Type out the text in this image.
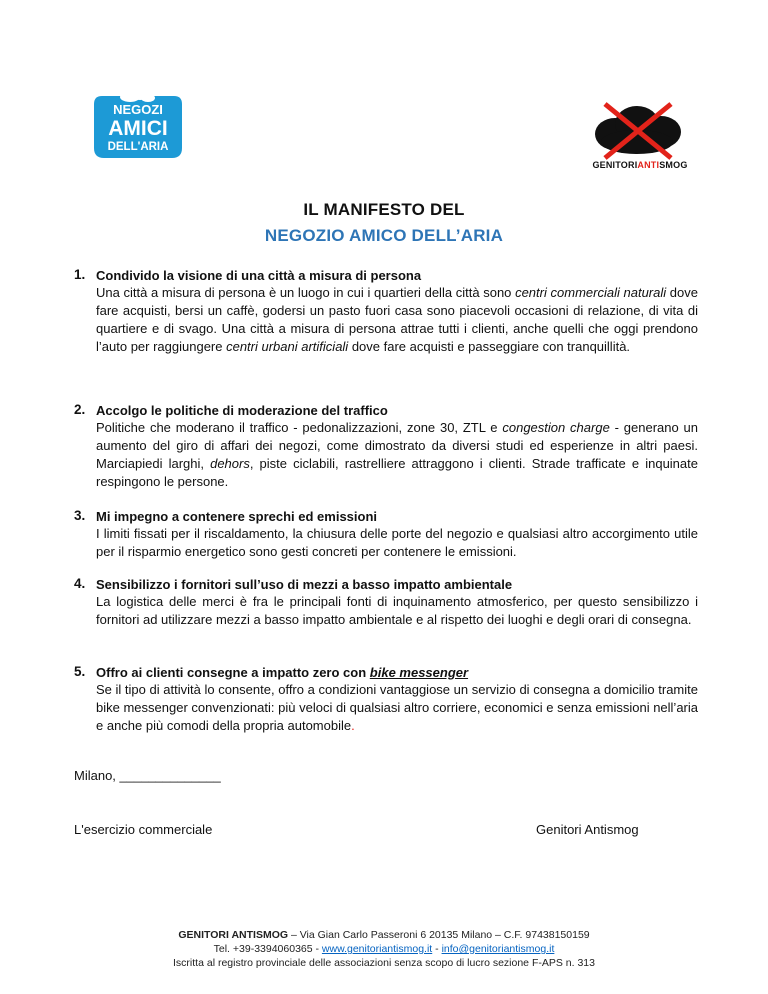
NEGOZI
AMICI
DELL'ARIA
GENITORIANTISMOG
IL MANIFESTO DEL
NEGOZIO AMICO DELL’ARIA
1. Condivido la visione di una città a misura di persona
Una città a misura di persona è un luogo in cui i quartieri della città sono centri commerciali naturali dove fare acquisti, bersi un caffè, godersi un pasto fuori casa sono piacevoli occasioni di relazione, di vita di quartiere e di svago. Una città a misura di persona attrae tutti i clienti, anche quelli che oggi prendono l’auto per raggiungere centri urbani artificiali dove fare acquisti e passeggiare con tranquillità.
2. Accolgo le politiche di moderazione del traffico
Politiche che moderano il traffico - pedonalizzazioni, zone 30, ZTL e congestion charge - generano un aumento del giro di affari dei negozi, come dimostrato da diversi studi ed esperienze in altri paesi. Marciapiedi larghi, dehors, piste ciclabili, rastrelliere attraggono i clienti. Strade trafficate e inquinate respingono le persone.
3. Mi impegno a contenere sprechi ed emissioni
I limiti fissati per il riscaldamento, la chiusura delle porte del negozio e qualsiasi altro accorgimento utile per il risparmio energetico sono gesti concreti per contenere le emissioni.
4. Sensibilizzo i fornitori sull’uso di mezzi a basso impatto ambientale
La logistica delle merci è fra le principali fonti di inquinamento atmosferico, per questo sensibilizzo i fornitori ad utilizzare mezzi a basso impatto ambientale e al rispetto dei luoghi e degli orari di consegna.
5. Offro ai clienti consegne a impatto zero con bike messenger
Se il tipo di attività lo consente, offro a condizioni vantaggiose un servizio di consegna a domicilio tramite bike messenger convenzionati: più veloci di qualsiasi altro corriere, economici e senza emissioni nell’aria e anche più comodi della propria automobile.
Milano, ______________
L'esercizio commerciale	Genitori Antismog
GENITORI ANTISMOG – Via Gian Carlo Passeroni 6 20135 Milano – C.F. 97438150159
Tel. +39-3394060365 - www.genitoriantismog.it - info@genitoriantismog.it
Iscritta al registro provinciale delle associazioni senza scopo di lucro sezione F-APS n. 313
